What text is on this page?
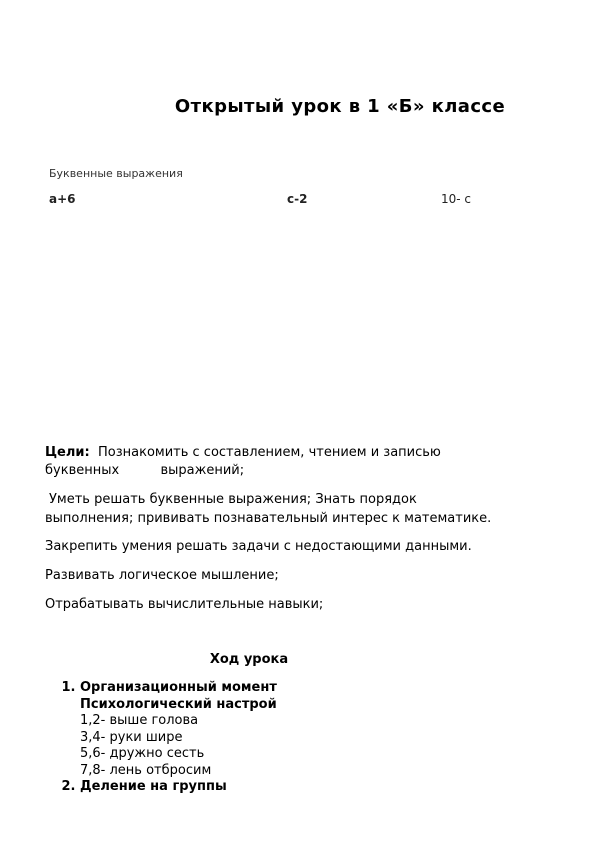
Открытый урок в 1 «Б» классе
Буквенные выражения
а+6	с-2	10- с
Цели: Познакомить с составлением, чтением и записью
буквенных          выражений;
Уметь решать буквенные выражения; Знать порядок
выполнения; прививать познавательный интерес к математике.
Закрепить умения решать задачи с недостающими данными.
Развивать логическое мышление;
Отрабатывать вычислительные навыки;
Ход урока
1. Организационный момент
Психологический настрой
1,2- выше голова
3,4- руки шире
5,6- дружно сесть
7,8- лень отбросим
2. Деление на группы
